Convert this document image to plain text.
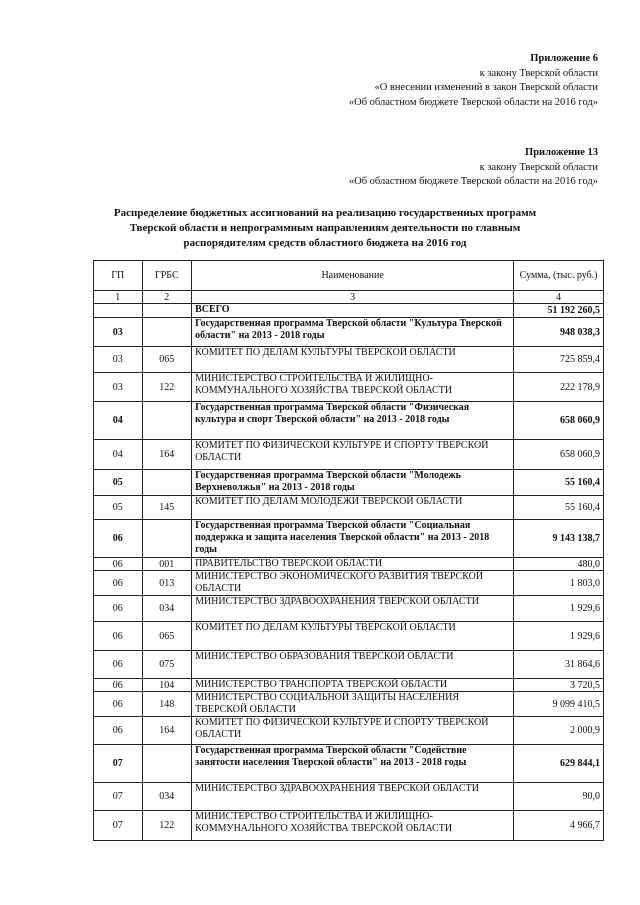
Приложение 6
к закону Тверской области
«О внесении изменений в закон Тверской области
«Об областном бюджете Тверской области на 2016 год»
Приложение 13
к закону Тверской области
«Об областном бюджете Тверской области на 2016 год»
Распределение бюджетных ассигнований на реализацию государственных программ Тверской области и непрограммным направлениям деятельности по главным распорядителям средств областного бюджета на 2016 год
ГП	ГРБС	Наименование	Сумма, (тыс. руб.)
1	2	3	4
		ВСЕГО	51 192 260,5
03		Государственная программа Тверской области "Культура Тверской области" на 2013 - 2018 годы	948 038,3
03	065	КОМИТЕТ ПО ДЕЛАМ КУЛЬТУРЫ ТВЕРСКОЙ ОБЛАСТИ	725 859,4
03	122	МИНИСТЕРСТВО СТРОИТЕЛЬСТВА И ЖИЛИЩНО-КОММУНАЛЬНОГО ХОЗЯЙСТВА ТВЕРСКОЙ ОБЛАСТИ	222 178,9
04		Государственная программа Тверской области "Физическая культура и спорт Тверской области" на 2013 - 2018 годы	658 060,9
04	164	КОМИТЕТ ПО ФИЗИЧЕСКОЙ КУЛЬТУРЕ И СПОРТУ ТВЕРСКОЙ ОБЛАСТИ	658 060,9
05		Государственная программа Тверской области "Молодежь Верхневолжья" на 2013 - 2018 годы	55 160,4
05	145	КОМИТЕТ ПО ДЕЛАМ МОЛОДЕЖИ ТВЕРСКОЙ ОБЛАСТИ	55 160,4
06		Государственная программа Тверской области "Социальная поддержка и защита населения Тверской области" на 2013 - 2018 годы	9 143 138,7
06	001	ПРАВИТЕЛЬСТВО ТВЕРСКОЙ ОБЛАСТИ	480,0
06	013	МИНИСТЕРСТВО ЭКОНОМИЧЕСКОГО РАЗВИТИЯ ТВЕРСКОЙ ОБЛАСТИ	1 803,0
06	034	МИНИСТЕРСТВО ЗДРАВООХРАНЕНИЯ ТВЕРСКОЙ ОБЛАСТИ	1 929,6
06	065	КОМИТЕТ ПО ДЕЛАМ КУЛЬТУРЫ ТВЕРСКОЙ ОБЛАСТИ	1 929,6
06	075	МИНИСТЕРСТВО ОБРАЗОВАНИЯ ТВЕРСКОЙ ОБЛАСТИ	31 864,6
06	104	МИНИСТЕРСТВО ТРАНСПОРТА ТВЕРСКОЙ ОБЛАСТИ	3 720,5
06	148	МИНИСТЕРСТВО СОЦИАЛЬНОЙ ЗАЩИТЫ НАСЕЛЕНИЯ ТВЕРСКОЙ ОБЛАСТИ	9 099 410,5
06	164	КОМИТЕТ ПО ФИЗИЧЕСКОЙ КУЛЬТУРЕ И СПОРТУ ТВЕРСКОЙ ОБЛАСТИ	2 000,9
07		Государственная программа Тверской области "Содействие занятости населения Тверской области" на 2013 - 2018 годы	629 844,1
07	034	МИНИСТЕРСТВО ЗДРАВООХРАНЕНИЯ ТВЕРСКОЙ ОБЛАСТИ	90,0
07	122	МИНИСТЕРСТВО СТРОИТЕЛЬСТВА И ЖИЛИЩНО-КОММУНАЛЬНОГО ХОЗЯЙСТВА ТВЕРСКОЙ ОБЛАСТИ	4 966,7
